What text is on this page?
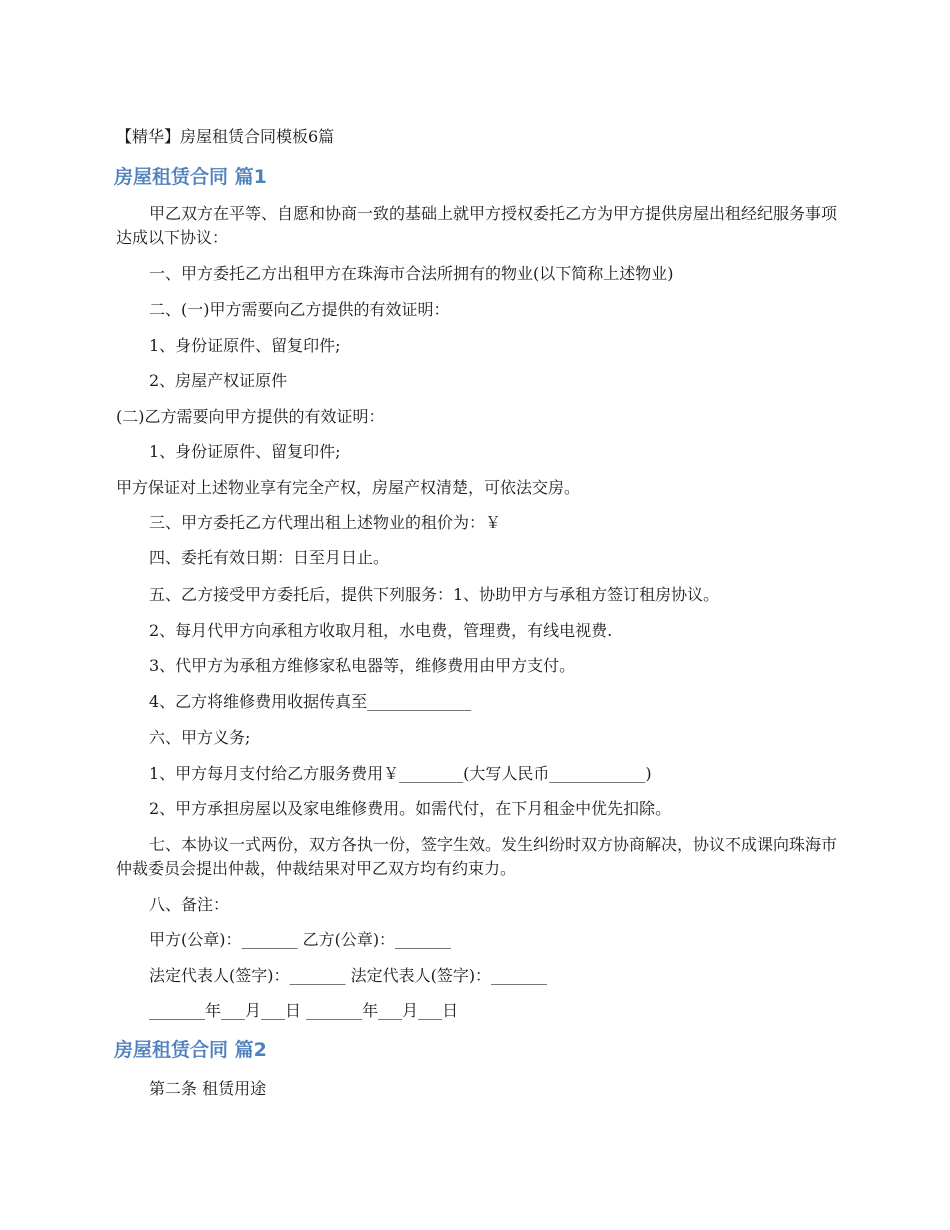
【精华】房屋租赁合同模板6篇
房屋租赁合同 篇1
甲乙双方在平等、自愿和协商一致的基础上就甲方授权委托乙方为甲方提供房屋出租经纪服务事项达成以下协议：
一、甲方委托乙方出租甲方在珠海市合法所拥有的物业(以下简称上述物业)
二、(一)甲方需要向乙方提供的有效证明：
1、身份证原件、留复印件;
2、房屋产权证原件
(二)乙方需要向甲方提供的有效证明：
1、身份证原件、留复印件;
甲方保证对上述物业享有完全产权，房屋产权清楚，可依法交房。
三、甲方委托乙方代理出租上述物业的租价为：￥
四、委托有效日期：日至月日止。
五、乙方接受甲方委托后，提供下列服务：1、协助甲方与承租方签订租房协议。
2、每月代甲方向承租方收取月租，水电费，管理费，有线电视费.
3、代甲方为承租方维修家私电器等，维修费用由甲方支付。
4、乙方将维修费用收据传真至_____________
六、甲方义务;
1、甲方每月支付给乙方服务费用￥________(大写人民币____________)
2、甲方承担房屋以及家电维修费用。如需代付，在下月租金中优先扣除。
七、本协议一式两份，双方各执一份，签字生效。发生纠纷时双方协商解决，协议不成课向珠海市仲裁委员会提出仲裁，仲裁结果对甲乙双方均有约束力。
八、备注：
甲方(公章)：_______ 乙方(公章)：_______
法定代表人(签字)：_______ 法定代表人(签字)：_______
_______年___月___日 _______年___月___日
房屋租赁合同 篇2
第二条 租赁用途
